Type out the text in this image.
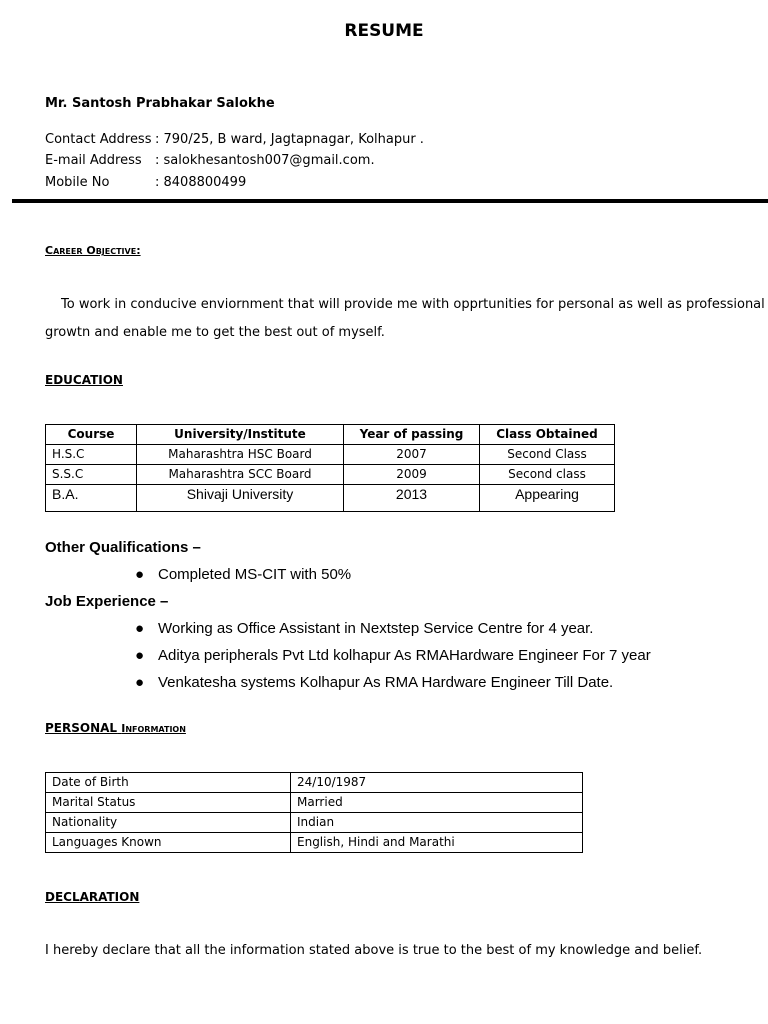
RESUME
Mr. Santosh Prabhakar Salokhe
Contact Address : 790/25, B ward, Jagtapnagar, Kolhapur .
E-mail Address : salokhesantosh007@gmail.com.
Mobile No	: 8408800499
Career Objective:
To work in conducive enviornment that will provide me with opprtunities for personal as well as professional
growtn and enable me to get the best out of myself.
EDUCATION
Course	University/Institute	Year of passing	Class Obtained
H.S.C	Maharashtra HSC Board	2007	Second Class
S.S.C	Maharashtra SCC Board	2009	Second class
B.A.	Shivaji University	2013	Appearing
Other Qualifications –
● Completed MS-CIT with 50%
Job Experience –
● Working as Office Assistant in Nextstep Service Centre for 4 year.
● Aditya peripherals Pvt Ltd kolhapur As RMAHardware Engineer For 7 year
● Venkatesha systems Kolhapur As RMA Hardware Engineer Till Date.
PERSONAL Information
Date of Birth	24/10/1987
Marital Status	Married
Nationality	Indian
Languages Known	English, Hindi and Marathi
DECLARATION
I hereby declare that all the information stated above is true to the best of my knowledge and belief.
